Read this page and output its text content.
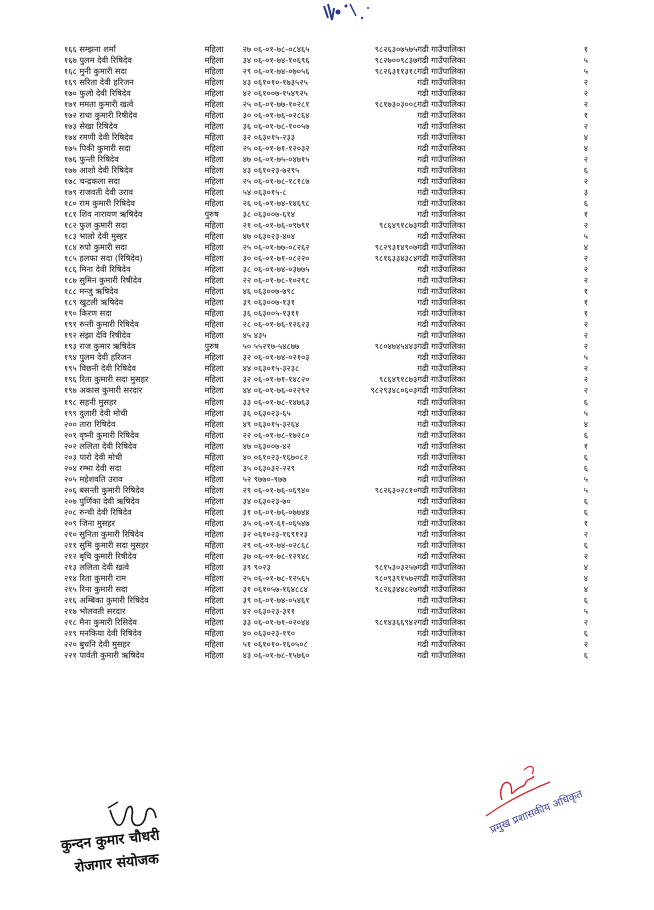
१६६ सम्झना शर्मा	महिला	२७ ०६-०१-७८-०८४६५	९८२६३०७५७५	गढी गाउँपालिका	१
१६७ पुलम देवी रिषिदेव	महिला	३४ ०६-०१-७४-१०६९६	९८२७००९८३७	गढी गाउँपालिका	५
१६८ मुनी कुमारी सदा	महिला	२९ ०६-०१-७४-०७०५६	९८२६३११३१८	गढी गाउँपालिका	५
१६९ सरिता देवी हरिजन	महिला	४३ ०६१०१०-१७३५२५		गढी गाउँपालिका	२
१७० फुलो देवी रिषिदेव	महिला	४२ ०६१००७-१५४९२५		गढी गाउँपालिका	२
१७१ ममता कुमारी खत्वे	महिला	२५ ०६-०१-७७-१०२८१	९८१७३०३००८	गढी गाउँपालिका	२
१७२ राधा कुमारी रिषीदेव	महिला	३० ०६-०१-७६-०२८६४		गढी गाउँपालिका	१
१७३ सेखा रिषिदेव	महिला	३६ ०६-०१-७८-१००५७		गढी गाउँपालिका	२
१७४ रमणी देवी रिषिदेव	महिला	३२ ०६३०१५-२३३		गढी गाउँपालिका	४
१७५ पिकी कुमारी सदा	महिला	२५ ०६-०१-७१-१२०३२		गढी गाउँपालिका	४
१७६ फुन्ती रिषिदेव	महिला	४७ ०६-०१-७५-०४७१५		गढी गाउँपालिका	२
१७७ आशो देवी रिषिदेव	महिला	४३ ०६१०२३-७२९५		गढी गाउँपालिका	६
१७८ चन्द्रकला सदा	महिला	२५ ०६-०१-७८-१८१८७		गढी गाउँपालिका	२
१७९ राजवती देवी उराव	महिला	५४ ०६३०१५-८		गढी गाउँपालिका	३
१८० राम कुमारी रिषिदेव	महिला	२६ ०६-०१-७४-१४६९८		गढी गाउँपालिका	६
१८१ शिव नारायण ऋषिदेव	पुरुष	३८ ०६३००७-६१४		गढी गाउँपालिका	१
१८२ फुल कुमारी सदा	महिला	२१ ०६-०१-७६-०९७९१	९८६४९१८७३	गढी गाउँपालिका	२
१८३ भालो देवी मुस्हर	महिला	४७ ०६३०२३-४०४		गढी गाउँपालिका	५
१८४ रुपो कुमारी सदा	महिला	२५ ०६-०१-७७-०८२६२	९८२९३१४९०७	गढी गाउँपालिका	४
१८५ हलफा सदा (रिषिदेव)	महिला	३० ०६-०१-७१-०८२२०	९८१६३३४३८४	गढी गाउँपालिका	२
१८६ मिना देवी रिषिदेव	महिला	३८ ०६-०१-७४-०३७७५		गढी गाउँपालिका	२
१८७ सुमिन कुमारी रिषीदेव	महिला	२२ ०६-०१-७८-१०२९८		गढी गाउँपालिका	२
१८८ मन्जु ऋषिदेव	महिला	४६ ०६३००७-७९८		गढी गाउँपालिका	१
१८९ खुटली ऋषिदेव	महिला	३९ ०६३००७-१३१		गढी गाउँपालिका	१
१९० किरण सदा	महिला	३६ ०६३००५-१३११		गढी गाउँपालिका	१
१९१ रुन्ती कुमारी रिषिदेव	महिला	२८ ०६-०१-७६-१२६२३		गढी गाउँपालिका	२
१९२ संझा देवि रिषीदेव	महिला	४५ ४३५		गढी गाउँपालिका	२
१९३ राज कुमार ऋषिदेव	पुरुष	५० ५५२१७-५४८७७	९८०४७४५४४३	गढी गाउँपालिका	२
१९४ पुलम देवी हरिजन	महिला	३२ ०६-०१-७४-०२१०३		गढी गाउँपालिका	५
१९५ विछनी देवी रिषिदेव	महिला	४४ ०६३०१५-३२३८		गढी गाउँपालिका	२
१९६ रिता कुमारी सदा मुसहर	महिला	३२ ०६-०१-७१-१४८२०	९८६४९१८७३	गढी गाउँपालिका	२
१९७ अकास कुमारी सरदार	महिला	४४ ०६-०१-७६-०२२९२	९८२९३४८०६०३	गढी गाउँपालिका	२
१९८ सहनी मुसहर	महिला	३३ ०६-०१-७८-१४७६३		गढी गाउँपालिका	६
१९९ दुलारी देवी मोची	महिला	३६ ०६३०२३-६५		गढी गाउँपालिका	५
२०० तारा रिषिदेव	महिला	४९ ०६३०१५-३२६४		गढी गाउँपालिका	४
२०१ वृष्नी कुमारी रिषिदेव	महिला	२२ ०६-०१-७८-१७२८०		गढी गाउँपालिका	६
२०२ ललिता देवी रिषिदेव	महिला	४७ ०६३००७-४२		गढी गाउँपालिका	१
२०३ पारो देवी मोची	महिला	४० ०६१०२३-१६७०८२		गढी गाउँपालिका	६
२०४ रम्भा देवी सदा	महिला	३५ ०६३०३२-२२९		गढी गाउँपालिका	६
२०५ महेशवति उराव	महिला	५२ ९७७०-९७७		गढी गाउँपालिका	५
२०६ बसन्ती कुमारी रिषिदेव	महिला	२९ ०६-०१-७६-०६९४०	९८२६३०२८१०	गढी गाउँपालिका	५
२०७ पुर्णिका देवी ऋषिदेव	महिला	३४ ०६३०२३-७०		गढी गाउँपालिका	६
२०८ रुन्ची देवी रिषिदेव	महिला	३१ ०६-०१-७६-०७७४४		गढी गाउँपालिका	६
२०९ जिना मुसहर	महिला	३५ ०६-०१-६१-०६५४७		गढी गाउँपालिका	१
२१० सुनिता कुमारी रिषिदेव	महिला	३२ ०६१०२३-१६९१२३		गढी गाउँपालिका	२
२११ सुमि कुमारी सदा मुसहर	महिला	२९ ०६-०१-७४-०२८६८		गढी गाउँपालिका	६
२१२ बृचि कुमारी रिषीदेव	महिला	३७ ०६-०१-७८-१२९४८		गढी गाउँपालिका	२
२१३ ललिता देवी खत्वे	महिला	३९ ९०२३	९८१५३०३२५७	गढी गाउँपालिका	४
२१४ रिता कुमारी राम	महिला	२५ ०६-०१-७८-१२५६५	९८०९३९१५७२	गढी गाउँपालिका	४
२१५ रिना कुमारी सदा	महिला	३१ ०६१०५७-१६४८८४	९८२६३४४८२७	गढी गाउँपालिका	४
२१६ अम्बिका कुमारी रिषिदेव	महिला	३९ ०६-०१-७४-०५४६१		गढी गाउँपालिका	६
२१७ भोलवती सरदार	महिला	४२ ०६३०२३-३११		गढी गाउँपालिका	५
२१८ मैना कुमारी रिसिदेव	महिला	३३ ०६-०१-७१-०२०४४	९८१४३६६९४२	गढी गाउँपालिका	२
२१९ मनकिया देवी रिषिदेव	महिला	४० ०६३०२३-११०		गढी गाउँपालिका	६
२२० बुधनि देवी मुसहर	महिला	५१ ०६१०१०-१६०५०८		गढी गाउँपालिका	२
२२१ पार्वती कुमारी ऋषिदेव	महिला	४३ ०६-०१-७८-१५७६०		गढी गाउँपालिका	६
कुन्दन कुमार चौधरी
रोजगार संयोजक
प्रमुख प्रशासकीय अधिकृत
